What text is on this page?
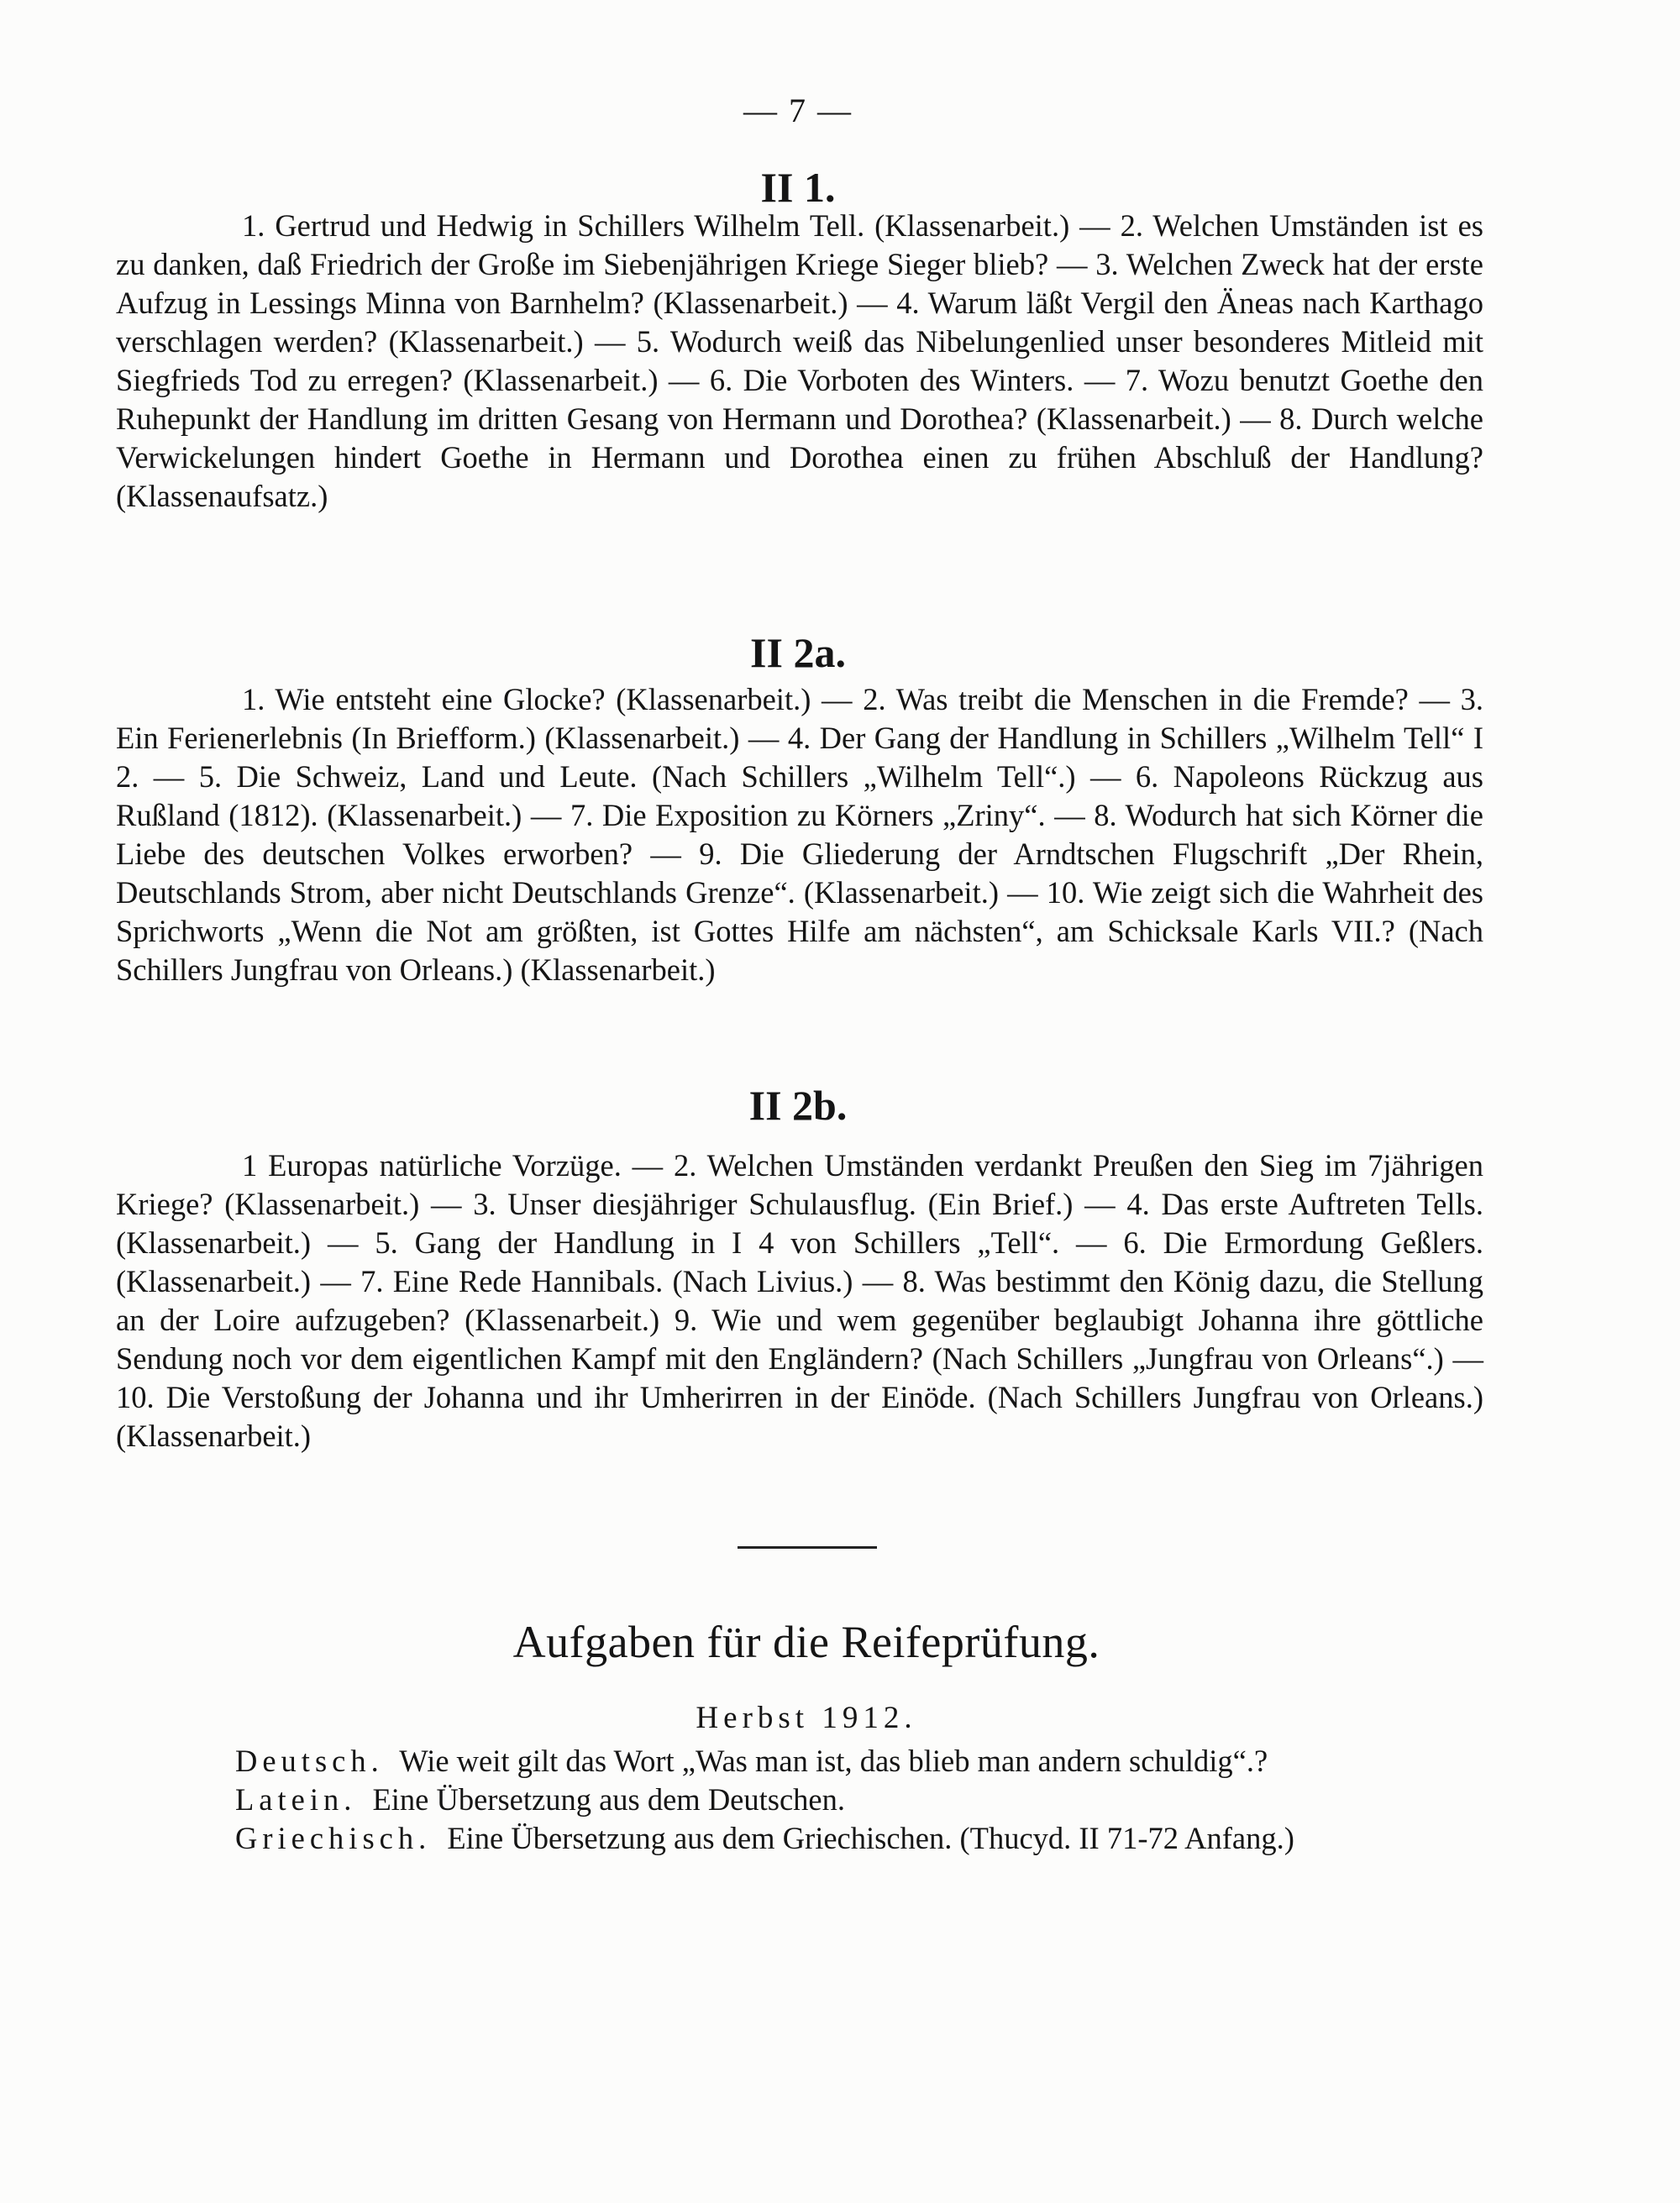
— 7 —
II 1.

1. Gertrud und Hedwig in Schillers Wilhelm Tell. (Klassenarbeit.) — 2. Welchen Umständen ist es zu danken, daß Friedrich der Große im Siebenjährigen Kriege Sieger blieb? — 3. Welchen Zweck hat der erste Aufzug in Lessings Minna von Barnhelm? (Klassenarbeit.) — 4. Warum läßt Vergil den Äneas nach Karthago verschlagen werden? (Klassenarbeit.) — 5. Wodurch weiß das Nibelungenlied unser besonderes Mitleid mit Siegfrieds Tod zu erregen? (Klassenarbeit.) — 6. Die Vorboten des Winters. — 7. Wozu benutzt Goethe den Ruhepunkt der Handlung im dritten Gesang von Hermann und Dorothea? (Klassenarbeit.) — 8. Durch welche Verwickelungen hindert Goethe in Hermann und Dorothea einen zu frühen Abschluß der Handlung? (Klassenaufsatz.)

II 2a.

1. Wie entsteht eine Glocke? (Klassenarbeit.) — 2. Was treibt die Menschen in die Fremde? — 3. Ein Ferienerlebnis (In Briefform.) (Klassenarbeit.) — 4. Der Gang der Handlung in Schillers „Wilhelm Tell“ I 2. — 5. Die Schweiz, Land und Leute. (Nach Schillers „Wilhelm Tell“.) — 6. Napoleons Rückzug aus Rußland (1812). (Klassenarbeit.) — 7. Die Exposition zu Körners „Zriny“. — 8. Wodurch hat sich Körner die Liebe des deutschen Volkes erworben? — 9. Die Gliederung der Arndtschen Flugschrift „Der Rhein, Deutschlands Strom, aber nicht Deutschlands Grenze“. (Klassenarbeit.) — 10. Wie zeigt sich die Wahrheit des Sprichworts „Wenn die Not am größten, ist Gottes Hilfe am nächsten“, am Schicksale Karls VII.? (Nach Schillers Jungfrau von Orleans.) (Klassenarbeit.)

II 2b.

1 Europas natürliche Vorzüge. — 2. Welchen Umständen verdankt Preußen den Sieg im 7jährigen Kriege? (Klassenarbeit.) — 3. Unser diesjähriger Schulausflug. (Ein Brief.) — 4. Das erste Auftreten Tells. (Klassenarbeit.) — 5. Gang der Handlung in I 4 von Schillers „Tell“. — 6. Die Ermordung Geßlers. (Klassenarbeit.) — 7. Eine Rede Hannibals. (Nach Livius.) — 8. Was bestimmt den König dazu, die Stellung an der Loire aufzugeben? (Klassenarbeit.) 9. Wie und wem gegenüber beglaubigt Johanna ihre göttliche Sendung noch vor dem eigentlichen Kampf mit den Engländern? (Nach Schillers „Jungfrau von Orleans“.) — 10. Die Verstoßung der Johanna und ihr Umherirren in der Einöde. (Nach Schillers Jungfrau von Orleans.) (Klassenarbeit.)

Aufgaben für die Reifeprüfung.
Herbst 1912.
Deutsch. Wie weit gilt das Wort „Was man ist, das blieb man andern schuldig“.?
Latein. Eine Übersetzung aus dem Deutschen.
Griechisch. Eine Übersetzung aus dem Griechischen. (Thucyd. II 71-72 Anfang.)
